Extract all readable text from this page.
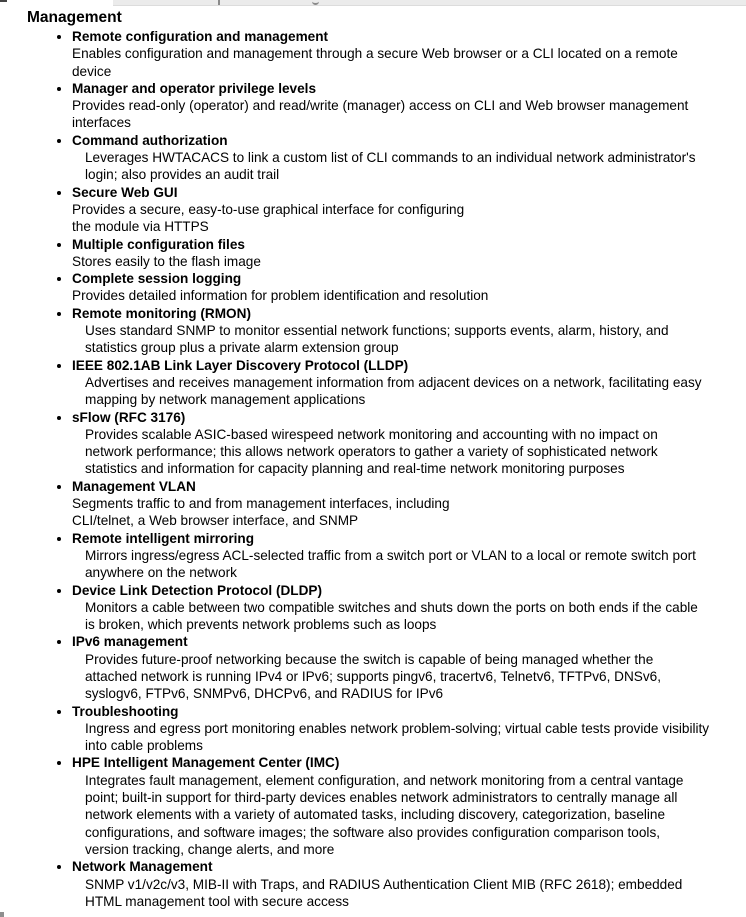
Management
Remote configuration and management
Enables configuration and management through a secure Web browser or a CLI located on a remote
device
Manager and operator privilege levels
Provides read-only (operator) and read/write (manager) access on CLI and Web browser management
interfaces
Command authorization
Leverages HWTACACS to link a custom list of CLI commands to an individual network administrator's
login; also provides an audit trail
Secure Web GUI
Provides a secure, easy-to-use graphical interface for configuring
the module via HTTPS
Multiple configuration files
Stores easily to the flash image
Complete session logging
Provides detailed information for problem identification and resolution
Remote monitoring (RMON)
Uses standard SNMP to monitor essential network functions; supports events, alarm, history, and
statistics group plus a private alarm extension group
IEEE 802.1AB Link Layer Discovery Protocol (LLDP)
Advertises and receives management information from adjacent devices on a network, facilitating easy
mapping by network management applications
sFlow (RFC 3176)
Provides scalable ASIC-based wirespeed network monitoring and accounting with no impact on
network performance; this allows network operators to gather a variety of sophisticated network
statistics and information for capacity planning and real-time network monitoring purposes
Management VLAN
Segments traffic to and from management interfaces, including
CLI/telnet, a Web browser interface, and SNMP
Remote intelligent mirroring
Mirrors ingress/egress ACL-selected traffic from a switch port or VLAN to a local or remote switch port
anywhere on the network
Device Link Detection Protocol (DLDP)
Monitors a cable between two compatible switches and shuts down the ports on both ends if the cable
is broken, which prevents network problems such as loops
IPv6 management
Provides future-proof networking because the switch is capable of being managed whether the
attached network is running IPv4 or IPv6; supports pingv6, tracertv6, Telnetv6, TFTPv6, DNSv6,
syslogv6, FTPv6, SNMPv6, DHCPv6, and RADIUS for IPv6
Troubleshooting
Ingress and egress port monitoring enables network problem-solving; virtual cable tests provide visibility
into cable problems
HPE Intelligent Management Center (IMC)
Integrates fault management, element configuration, and network monitoring from a central vantage
point; built-in support for third-party devices enables network administrators to centrally manage all
network elements with a variety of automated tasks, including discovery, categorization, baseline
configurations, and software images; the software also provides configuration comparison tools,
version tracking, change alerts, and more
Network Management
SNMP v1/v2c/v3, MIB-II with Traps, and RADIUS Authentication Client MIB (RFC 2618); embedded
HTML management tool with secure access
